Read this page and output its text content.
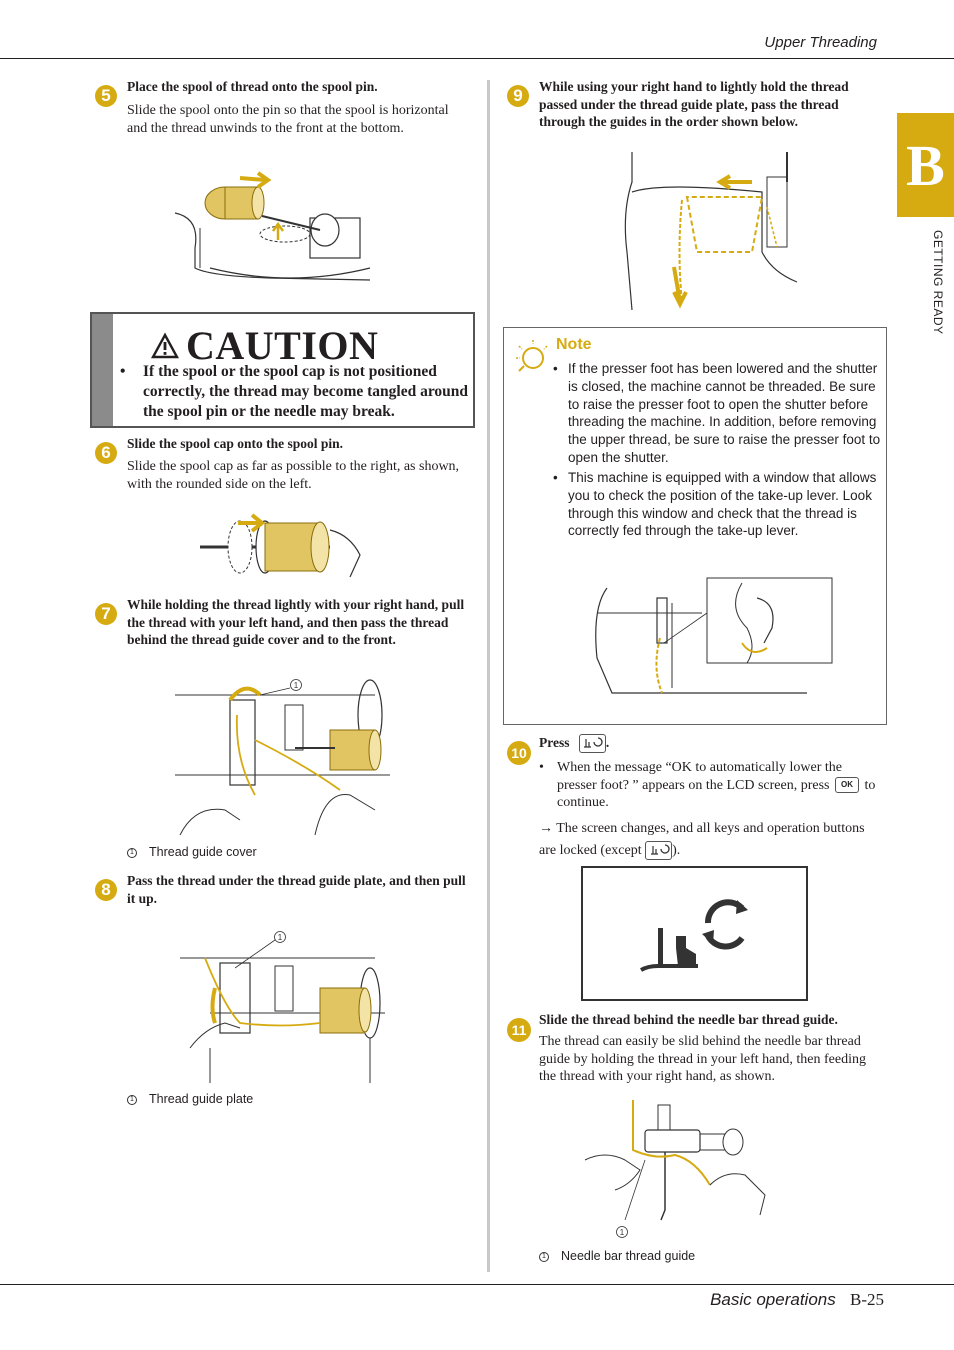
Upper Threading
B
GETTING READY
5	Place the spool of thread onto the spool pin.
Slide the spool onto the pin so that the spool is horizontal and the thread unwinds to the front at the bottom.
CAUTION
•	If the spool or the spool cap is not positioned correctly, the thread may become tangled around the spool pin or the needle may break.
6	Slide the spool cap onto the spool pin.
Slide the spool cap as far as possible to the right, as shown, with the rounded side on the left.
7	While holding the thread lightly with your right hand, pull the thread with your left hand, and then pass the thread behind the thread guide cover and to the front.
1
1 Thread guide cover
8	Pass the thread under the thread guide plate, and then pull it up.
1
1 Thread guide plate
9	While using your right hand to lightly hold the thread passed under the thread guide plate, pass the thread through the guides in the order shown below.
Note
• If the presser foot has been lowered and the shutter is closed, the machine cannot be threaded. Be sure to raise the presser foot to open the shutter before threading the machine. In addition, before removing the upper thread, be sure to raise the presser foot to open the shutter.
• This machine is equipped with a window that allows you to check the position of the take-up lever. Look through this window and check that the thread is correctly fed through the take-up lever.
10
Press	.
• When the message “OK to automatically lower the presser foot? ” appears on the LCD screen, press OK to continue.
→ The screen changes, and all keys and operation buttons are locked (except ).
11
Slide the thread behind the needle bar thread guide.
The thread can easily be slid behind the needle bar thread guide by holding the thread in your left hand, then feeding the thread with your right hand, as shown.
1
1 Needle bar thread guide
Basic operations B-25
